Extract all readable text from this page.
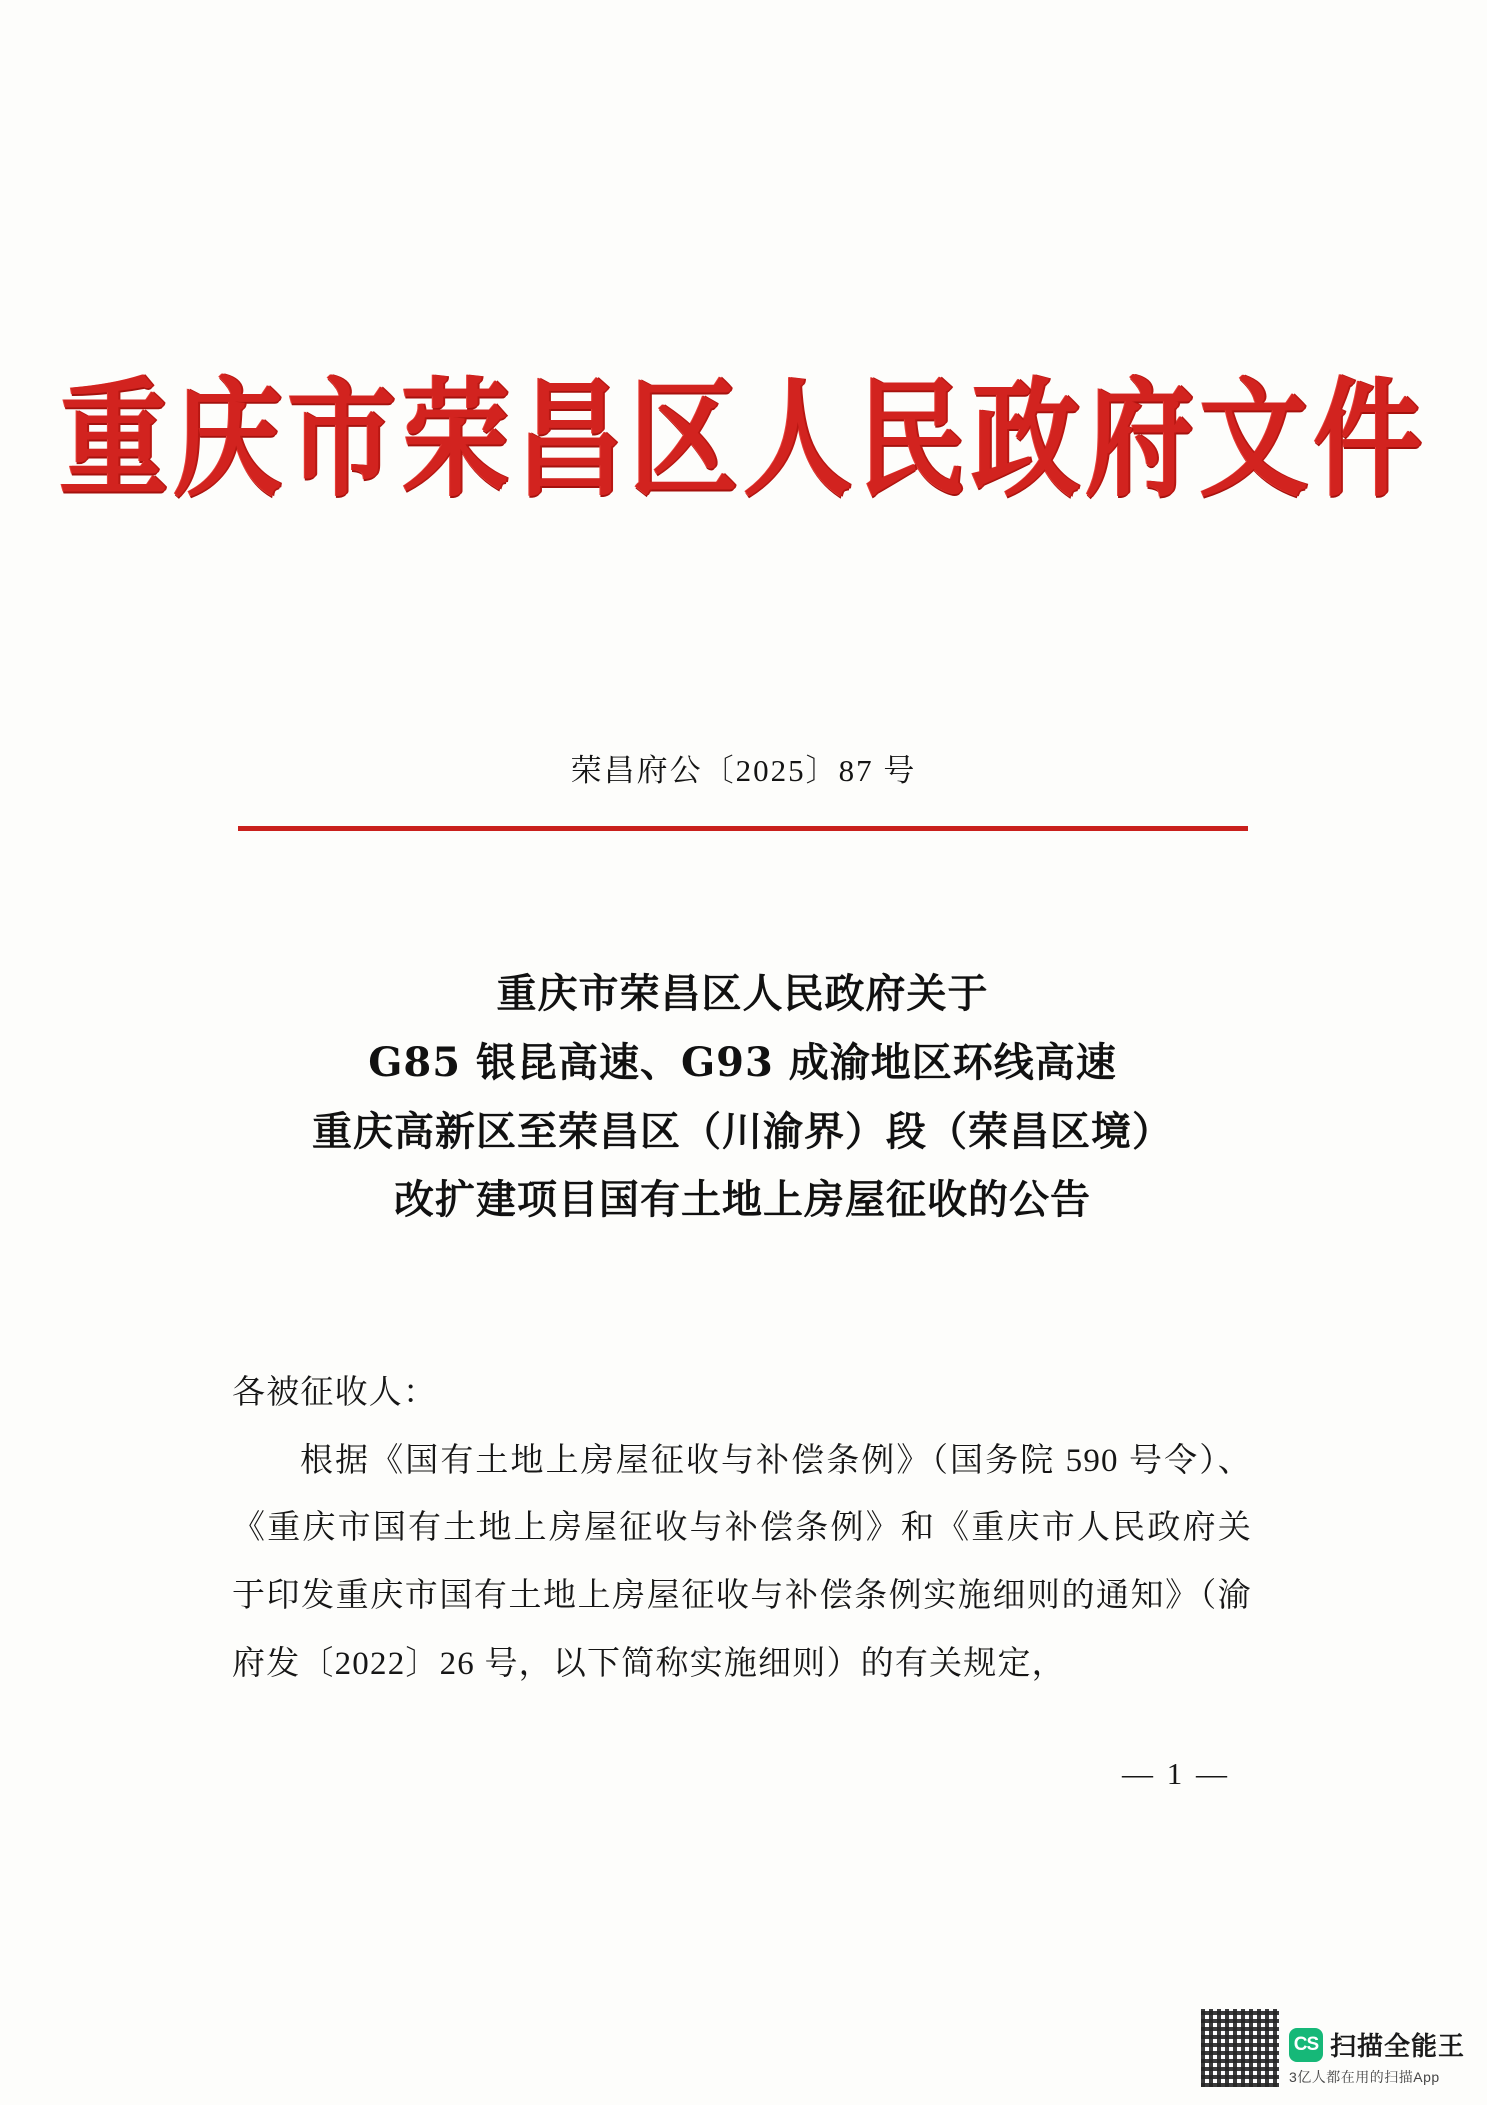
重庆市荣昌区人民政府文件
荣昌府公〔2025〕87 号
重庆市荣昌区人民政府关于
G85 银昆高速、G93 成渝地区环线高速
重庆高新区至荣昌区（川渝界）段（荣昌区境）
改扩建项目国有土地上房屋征收的公告
各被征收人：
根据《国有土地上房屋征收与补偿条例》（国务院 590 号令）、《重庆市国有土地上房屋征收与补偿条例》和《重庆市人民政府关于印发重庆市国有土地上房屋征收与补偿条例实施细则的通知》（渝府发〔2022〕26 号，以下简称实施细则）的有关规定，
— 1 —
CS 扫描全能王
3亿人都在用的扫描App
